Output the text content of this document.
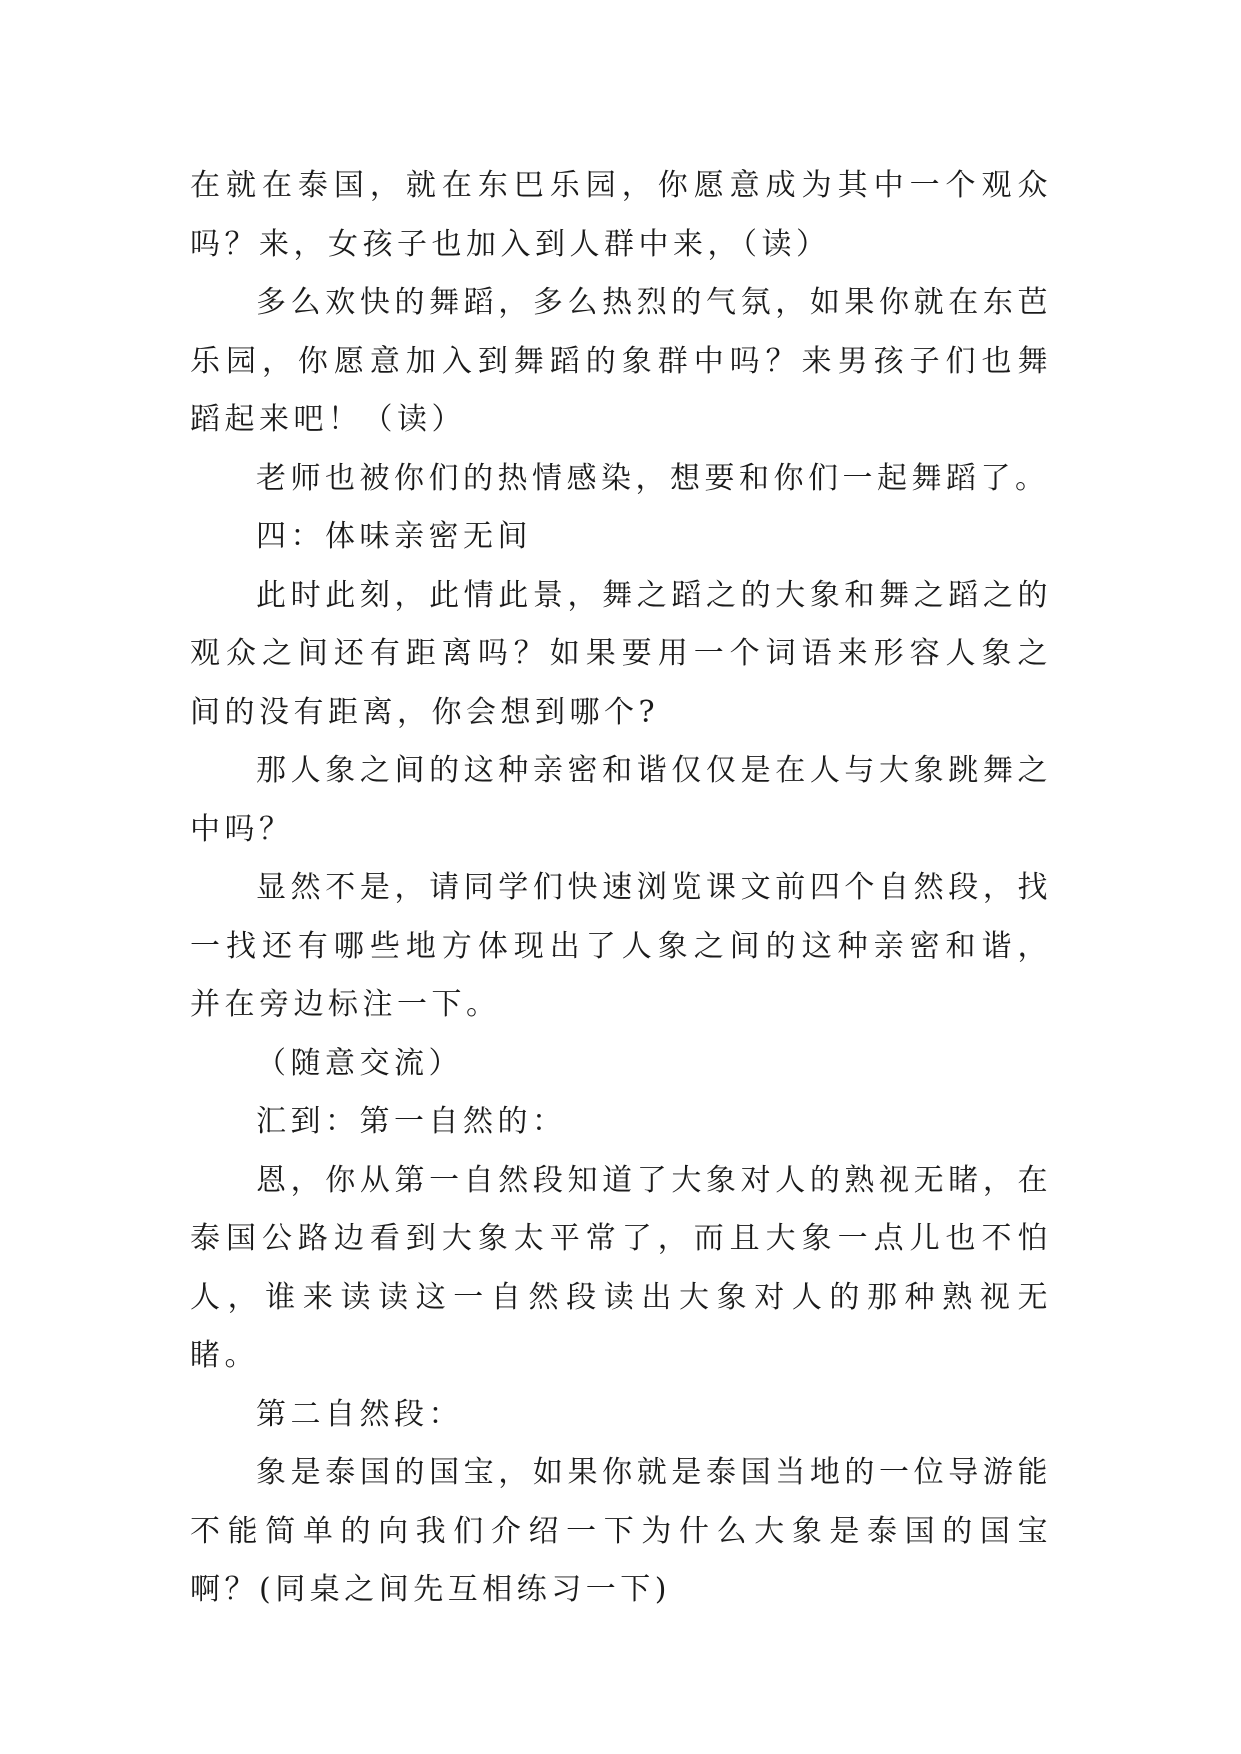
在就在泰国，就在东巴乐园，你愿意成为其中一个观众吗？来，女孩子也加入到人群中来，（读）

多么欢快的舞蹈，多么热烈的气氛，如果你就在东芭乐园，你愿意加入到舞蹈的象群中吗？来男孩子们也舞蹈起来吧！（读）

老师也被你们的热情感染，想要和你们一起舞蹈了。

四：体味亲密无间

此时此刻，此情此景，舞之蹈之的大象和舞之蹈之的观众之间还有距离吗？如果要用一个词语来形容人象之间的没有距离，你会想到哪个?

那人象之间的这种亲密和谐仅仅是在人与大象跳舞之中吗？

显然不是，请同学们快速浏览课文前四个自然段，找一找还有哪些地方体现出了人象之间的这种亲密和谐，并在旁边标注一下。

（随意交流）

汇到：第一自然的：

恩，你从第一自然段知道了大象对人的熟视无睹，在泰国公路边看到大象太平常了，而且大象一点儿也不怕人，谁来读读这一自然段读出大象对人的那种熟视无睹。

第二自然段：

象是泰国的国宝，如果你就是泰国当地的一位导游能不能简单的向我们介绍一下为什么大象是泰国的国宝啊？(同桌之间先互相练习一下)
